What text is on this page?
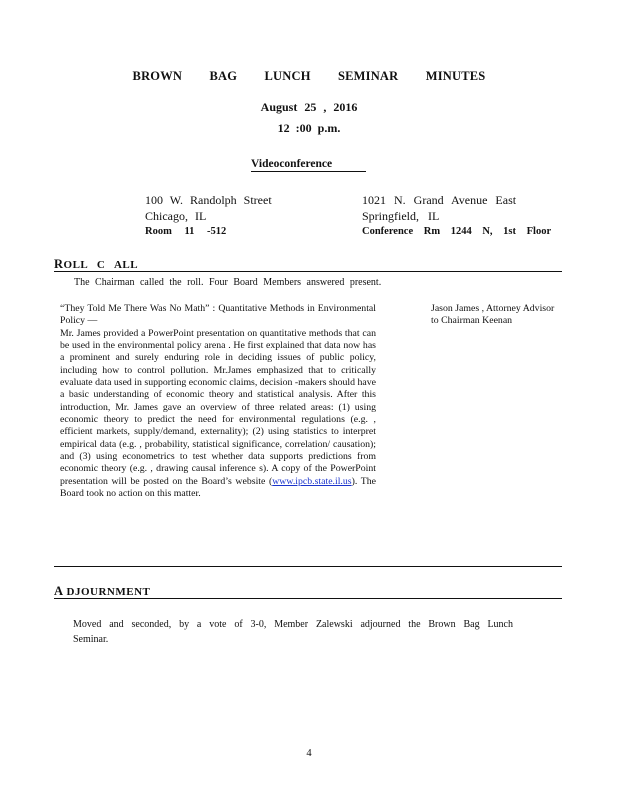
BROWN BAG LUNCH SEMINAR MINUTES
August 25 , 2016
12 :00 p.m.
Videoconference
100 W. Randolph Street
Chicago, IL
Room 11 -512
1021 N. Grand Avenue East
Springfield, IL
Conference Rm 1244 N, 1st Floor
ROLL C ALL
The Chairman called the roll. Four Board Members answered present.
“They Told Me There Was No Math” : Quantitative Methods in Environmental Policy —
Mr. James provided a PowerPoint presentation on quantitative methods that can be used in the environmental policy arena . He first explained that data now has a prominent and surely enduring role in deciding issues of public policy, including how to control pollution. Mr.James emphasized that to critically evaluate data used in supporting economic claims, decision -makers should have a basic understanding of economic theory and statistical analysis. After this introduction, Mr. James gave an overview of three related areas: (1) using economic theory to predict the need for environmental regulations (e.g. , efficient markets, supply/demand, externality); (2) using statistics to interpret empirical data (e.g. , probability, statistical significance, correlation/ causation); and (3) using econometrics to test whether data supports predictions from economic theory (e.g. , drawing causal inference s). A copy of the PowerPoint presentation will be posted on the Board’s website (www.ipcb.state.il.us). The Board took no action on this matter.
Jason James , Attorney Advisor to Chairman Keenan
A DJOURNMENT
Moved and seconded, by a vote of 3-0, Member Zalewski adjourned the Brown Bag Lunch Seminar.
4
